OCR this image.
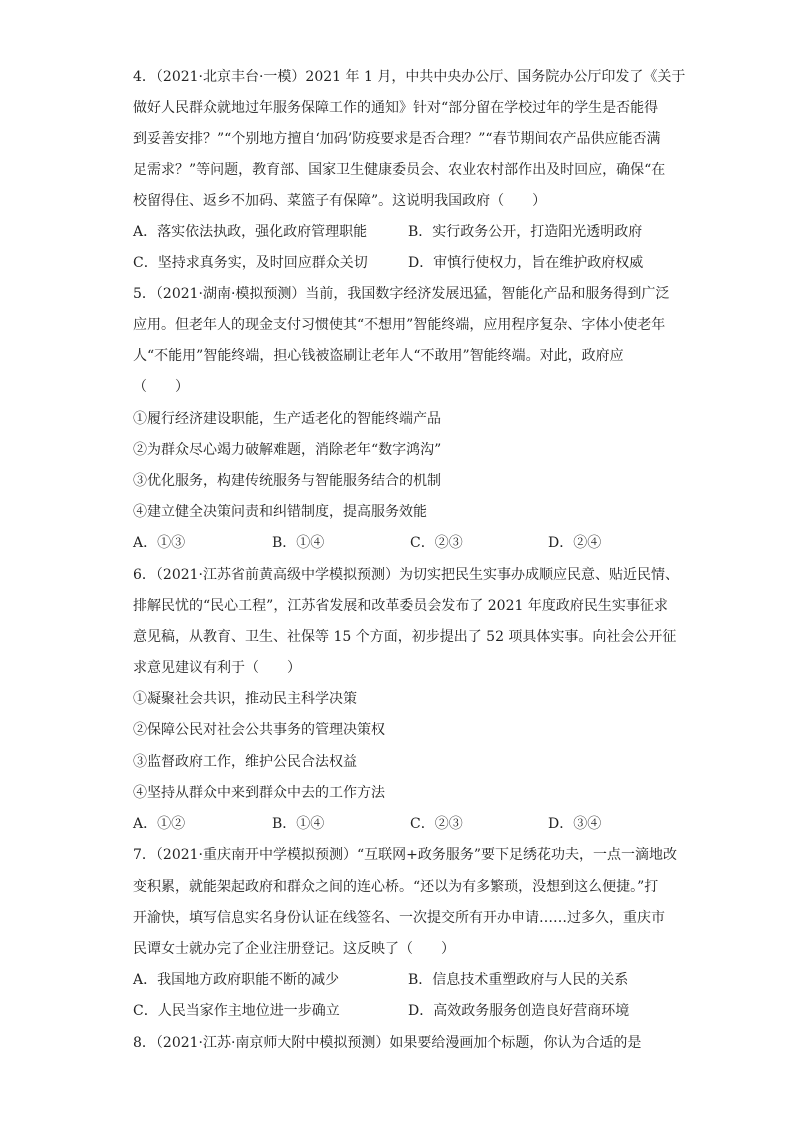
4．（2021·北京丰台·一模）2021 年 1 月，中共中央办公厅、国务院办公厅印发了《关于
做好人民群众就地过年服务保障工作的通知》针对“部分留在学校过年的学生是否能得
到妥善安排？”“个别地方擅自‘加码’防疫要求是否合理？”“春节期间农产品供应能否满
足需求？”等问题，教育部、国家卫生健康委员会、农业农村部作出及时回应，确保“在
校留得住、返乡不加码、菜篮子有保障”。这说明我国政府（　　）
A．落实依法执政，强化政府管理职能	B．实行政务公开，打造阳光透明政府
C．坚持求真务实，及时回应群众关切	D．审慎行使权力，旨在维护政府权威
5．（2021·湖南·模拟预测）当前，我国数字经济发展迅猛，智能化产品和服务得到广泛
应用。但老年人的现金支付习惯使其“不想用”智能终端，应用程序复杂、字体小使老年
人“不能用”智能终端，担心钱被盗刷让老年人“不敢用”智能终端。对此，政府应
（　　）
①履行经济建设职能，生产适老化的智能终端产品
②为群众尽心竭力破解难题，消除老年“数字鸿沟”
③优化服务，构建传统服务与智能服务结合的机制
④建立健全决策问责和纠错制度，提高服务效能
A．①③	B．①④	C．②③	D．②④
6．（2021·江苏省前黄高级中学模拟预测）为切实把民生实事办成顺应民意、贴近民情、
排解民忧的“民心工程”，江苏省发展和改革委员会发布了 2021 年度政府民生实事征求
意见稿，从教育、卫生、社保等 15 个方面，初步提出了 52 项具体实事。向社会公开征
求意见建议有利于（　　）
①凝聚社会共识，推动民主科学决策
②保障公民对社会公共事务的管理决策权
③监督政府工作，维护公民合法权益
④坚持从群众中来到群众中去的工作方法
A．①②	B．①④	C．②③	D．③④
7．（2021·重庆南开中学模拟预测）“互联网+政务服务”要下足绣花功夫，一点一滴地改
变积累，就能架起政府和群众之间的连心桥。“还以为有多繁琐，没想到这么便捷。”打
开渝快，填写信息实名身份认证在线签名、一次提交所有开办申请……过多久，重庆市
民谭女士就办完了企业注册登记。这反映了（　　）
A．我国地方政府职能不断的减少	B．信息技术重塑政府与人民的关系
C．人民当家作主地位进一步确立	D．高效政务服务创造良好营商环境
8．（2021·江苏·南京师大附中模拟预测）如果要给漫画加个标题，你认为合适的是
